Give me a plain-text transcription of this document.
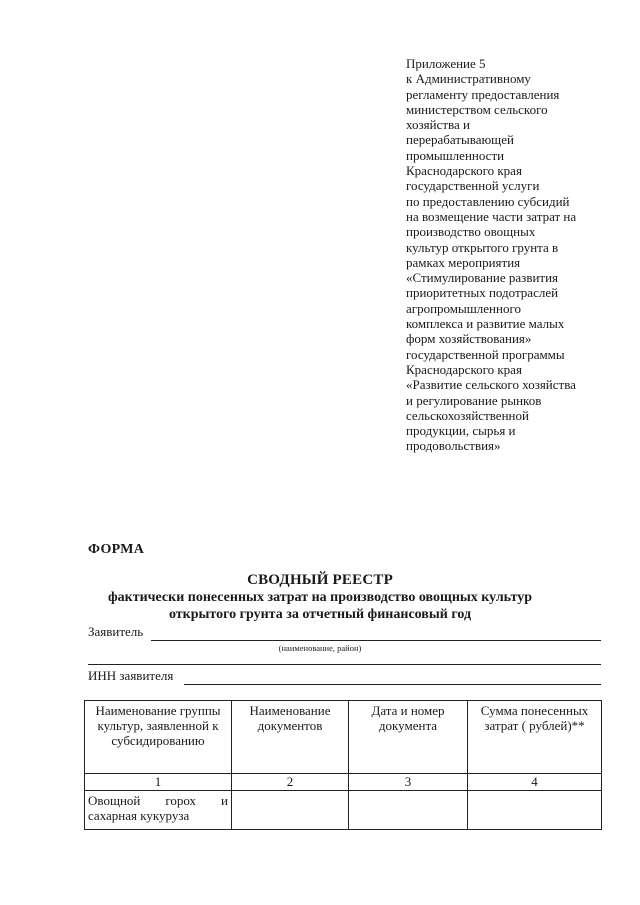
Приложение 5
к Административному
регламенту предоставления
министерством сельского
хозяйства и
перерабатывающей
промышленности
Краснодарского края
государственной услуги
по предоставлению субсидий
на возмещение части затрат на
производство овощных
культур открытого грунта в
рамках мероприятия
«Стимулирование развития
приоритетных подотраслей
агропромышленного
комплекса и развитие малых
форм хозяйствования»
государственной программы
Краснодарского края
«Развитие сельского хозяйства
и регулирование рынков
сельскохозяйственной
продукции, сырья и
продовольствия»
ФОРМА
СВОДНЫЙ РЕЕСТР
фактически понесенных затрат на производство овощных культур
открытого грунта за отчетный финансовый год
Заявитель
(наименование, район)
ИНН заявителя
Наименование группы культур, заявленной к субсидированию	Наименование документов	Дата и номер документа	Сумма понесенных затрат ( рублей)**
1	2	3	4

Овощной горох и
сахарная кукуруза			
